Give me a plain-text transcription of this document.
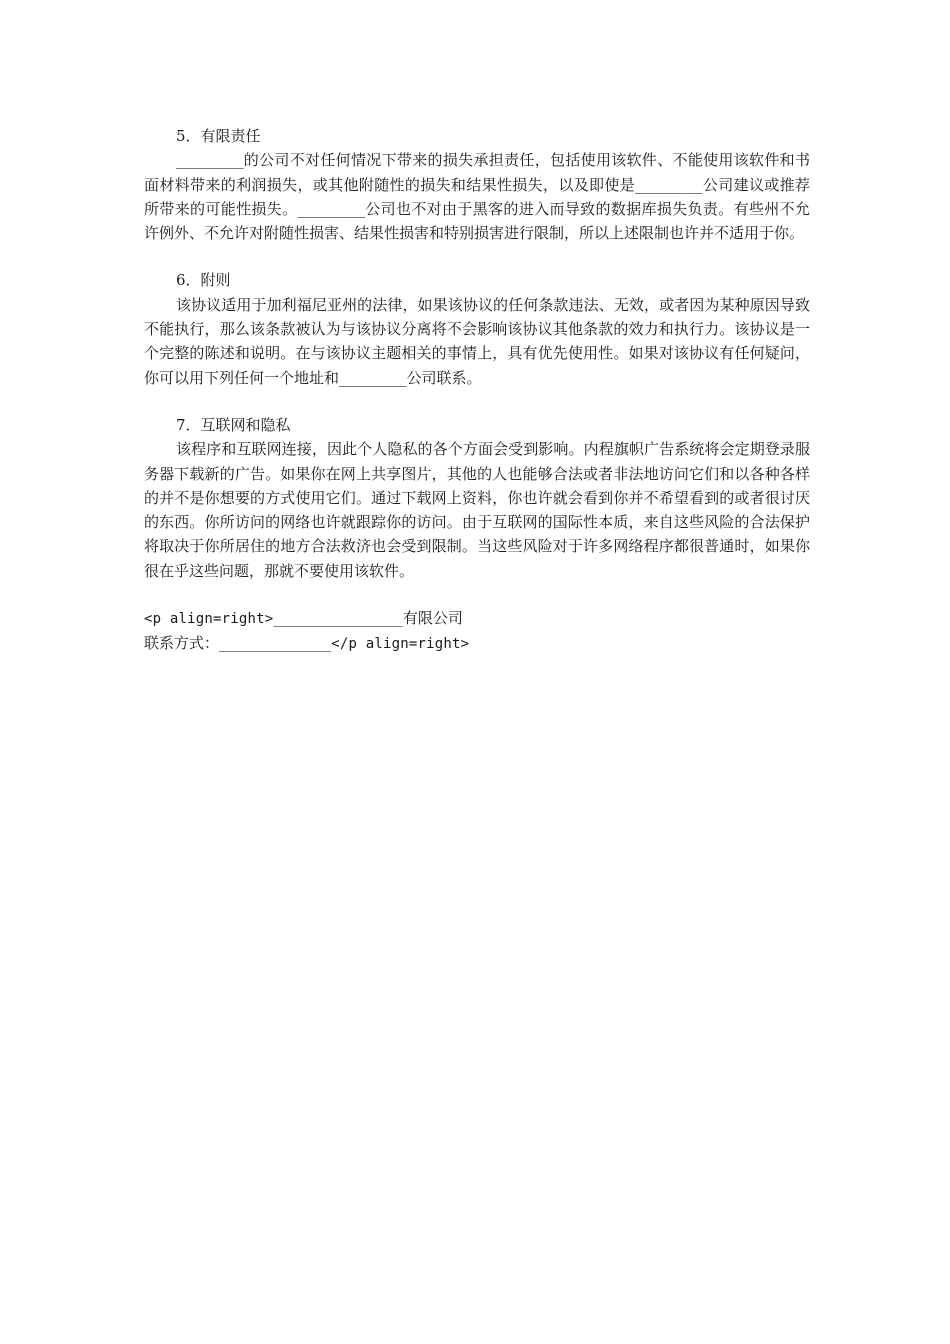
5．有限责任

_________的公司不对任何情况下带来的损失承担责任，包括使用该软件、不能使用该软件和书面材料带来的利润损失，或其他附随性的损失和结果性损失，以及即使是_________公司建议或推荐所带来的可能性损失。_________公司也不对由于黑客的进入而导致的数据库损失负责。有些州不允许例外、不允许对附随性损害、结果性损害和特别损害进行限制，所以上述限制也许并不适用于你。

6．附则

该协议适用于加利福尼亚州的法律，如果该协议的任何条款违法、无效，或者因为某种原因导致不能执行，那么该条款被认为与该协议分离将不会影响该协议其他条款的效力和执行力。该协议是一个完整的陈述和说明。在与该协议主题相关的事情上，具有优先使用性。如果对该协议有任何疑问，你可以用下列任何一个地址和_________公司联系。

7．互联网和隐私

该程序和互联网连接，因此个人隐私的各个方面会受到影响。内程旗帜广告系统将会定期登录服务器下载新的广告。如果你在网上共享图片，其他的人也能够合法或者非法地访问它们和以各种各样的并不是你想要的方式使用它们。通过下载网上资料，你也许就会看到你并不希望看到的或者很讨厌的东西。你所访问的网络也许就跟踪你的访问。由于互联网的国际性本质，来自这些风险的合法保护将取决于你所居住的地方合法救济也会受到限制。当这些风险对于许多网络程序都很普通时，如果你很在乎这些问题，那就不要使用该软件。

<p align=right>_______________有限公司

联系方式：_____________</p align=right>
